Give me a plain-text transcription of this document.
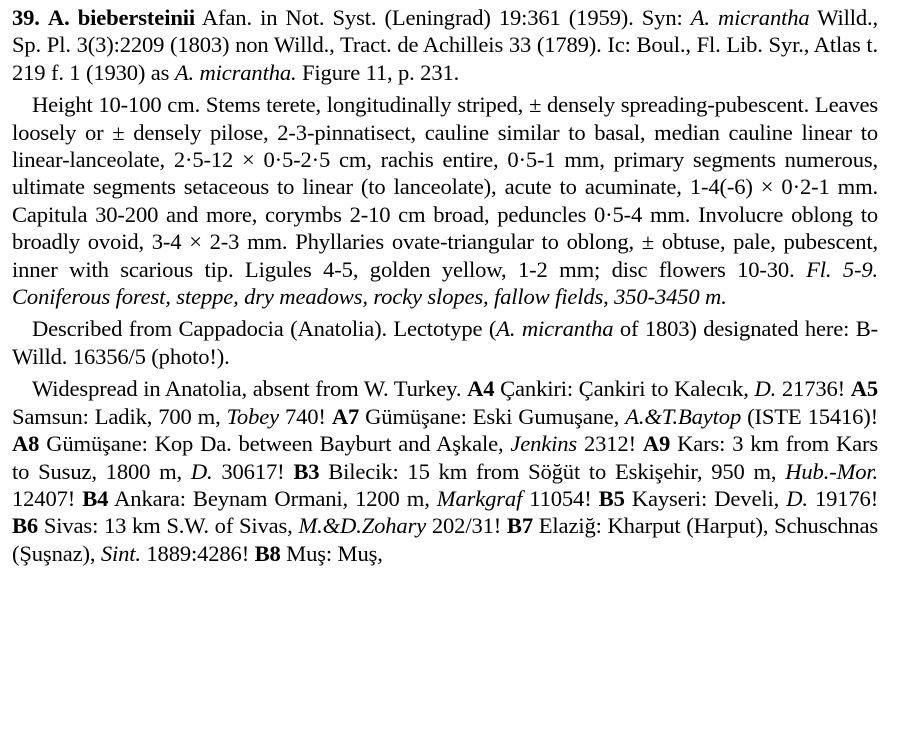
39. A. biebersteinii Afan. in Not. Syst. (Leningrad) 19:361 (1959). Syn: A. micrantha Willd., Sp. Pl. 3(3):2209 (1803) non Willd., Tract. de Achilleis 33 (1789). Ic: Boul., Fl. Lib. Syr., Atlas t. 219 f. 1 (1930) as A. micrantha. Figure 11, p. 231.

Height 10-100 cm. Stems terete, longitudinally striped, ± densely spreading-pubescent. Leaves loosely or ± densely pilose, 2-3-pinnatisect, cauline similar to basal, median cauline linear to linear-lanceolate, 2·5-12 × 0·5-2·5 cm, rachis entire, 0·5-1 mm, primary segments numerous, ultimate segments setaceous to linear (to lanceolate), acute to acuminate, 1-4(-6) × 0·2-1 mm. Capitula 30-200 and more, corymbs 2-10 cm broad, peduncles 0·5-4 mm. Involucre oblong to broadly ovoid, 3-4 × 2-3 mm. Phyllaries ovate-triangular to oblong, ± obtuse, pale, pubescent, inner with scarious tip. Ligules 4-5, golden yellow, 1-2 mm; disc flowers 10-30. Fl. 5-9. Coniferous forest, steppe, dry meadows, rocky slopes, fallow fields, 350-3450 m.

Described from Cappadocia (Anatolia). Lectotype (A. micrantha of 1803) designated here: B-Willd. 16356/5 (photo!).

Widespread in Anatolia, absent from W. Turkey. A4 Çankiri: Çankiri to Kalecık, D. 21736! A5 Samsun: Ladik, 700 m, Tobey 740! A7 Gümüşane: Eski Gumuşane, A.&T.Baytop (ISTE 15416)! A8 Gümüşane: Kop Da. between Bayburt and Aşkale, Jenkins 2312! A9 Kars: 3 km from Kars to Susuz, 1800 m, D. 30617! B3 Bilecik: 15 km from Söğüt to Eskişehir, 950 m, Hub.-Mor. 12407! B4 Ankara: Beynam Ormani, 1200 m, Markgraf 11054! B5 Kayseri: Develi, D. 19176! B6 Sivas: 13 km S.W. of Sivas, M.&D.Zohary 202/31! B7 Elaziğ: Kharput (Harput), Schuschnas (Şuşnaz), Sint. 1889:4286! B8 Muş: Muş,
